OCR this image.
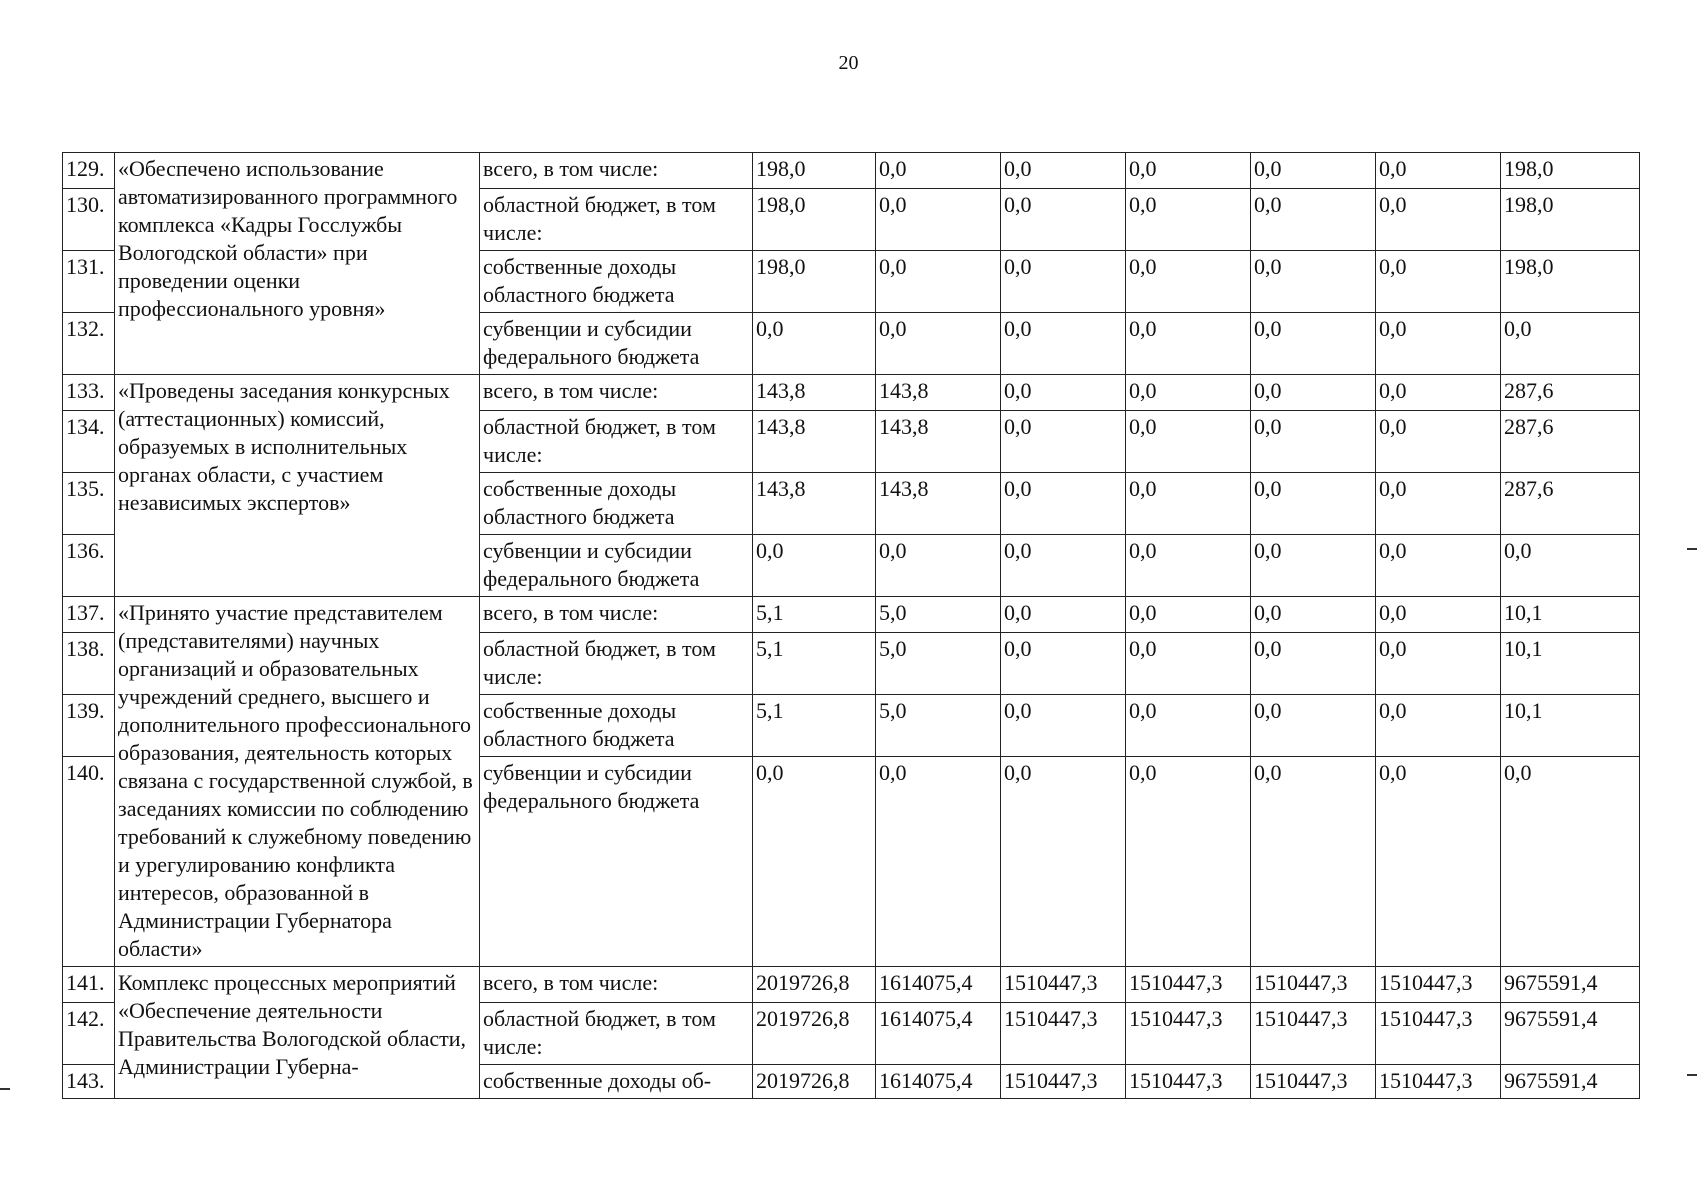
20
129.	«Обеспечено использование автоматизированного программного комплекса «Кадры Госслужбы Вологодской области» при проведении оценки профессионального уровня»	всего, в том числе:	198,0	0,0	0,0	0,0	0,0	0,0	198,0
130.		областной бюджет, в том числе:	198,0	0,0	0,0	0,0	0,0	0,0	198,0
131.		собственные доходы областного бюджета	198,0	0,0	0,0	0,0	0,0	0,0	198,0
132.		субвенции и субсидии федерального бюджета	0,0	0,0	0,0	0,0	0,0	0,0	0,0
133.	«Проведены заседания конкурсных (аттестационных) комиссий, образуемых в исполнительных органах области, с участием независимых экспертов»	всего, в том числе:	143,8	143,8	0,0	0,0	0,0	0,0	287,6
134.		областной бюджет, в том числе:	143,8	143,8	0,0	0,0	0,0	0,0	287,6
135.		собственные доходы областного бюджета	143,8	143,8	0,0	0,0	0,0	0,0	287,6
136.		субвенции и субсидии федерального бюджета	0,0	0,0	0,0	0,0	0,0	0,0	0,0
137.	«Принято участие представителем (представителями) научных организаций и образовательных учреждений среднего, высшего и дополнительного профессионального образования, деятельность которых связана с государственной службой, в заседаниях комиссии по соблюдению требований к служебному поведению и урегулированию конфликта интересов, образованной в Администрации Губернатора области»	всего, в том числе:	5,1	5,0	0,0	0,0	0,0	0,0	10,1
138.		областной бюджет, в том числе:	5,1	5,0	0,0	0,0	0,0	0,0	10,1
139.		собственные доходы областного бюджета	5,1	5,0	0,0	0,0	0,0	0,0	10,1
140.		субвенции и субсидии федерального бюджета	0,0	0,0	0,0	0,0	0,0	0,0	0,0
141.	Комплекс процессных мероприятий «Обеспечение деятельности Правительства Вологодской области, Администрации Губерна-	всего, в том числе:	2019726,8	1614075,4	1510447,3	1510447,3	1510447,3	1510447,3	9675591,4
142.		областной бюджет, в том числе:	2019726,8	1614075,4	1510447,3	1510447,3	1510447,3	1510447,3	9675591,4
143.		собственные доходы об-	2019726,8	1614075,4	1510447,3	1510447,3	1510447,3	1510447,3	9675591,4
